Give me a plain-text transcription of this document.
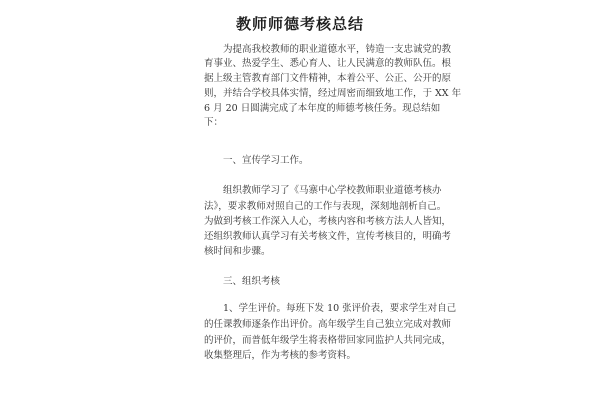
教师师德考核总结
　　为提高我校教师的职业道德水平，铸造一支忠诚党的教
育事业、热爱学生、悉心育人、让人民满意的教师队伍。根
据上级主管教育部门文件精神，本着公平、公正、公开的原
则，并结合学校具体实情，经过周密而细致地工作，于 XX 年
6 月 20 日圆满完成了本年度的师德考核任务。现总结如
下：
　　一、宣传学习工作。
　　组织教师学习了《马寨中心学校教师职业道德考核办
法》，要求教师对照自己的工作与表现，深刻地剖析自己。
为做到考核工作深入人心，考核内容和考核方法人人皆知，
还组织教师认真学习有关考核文件，宣传考核目的，明确考
核时间和步骤。
　　三、组织考核
　　1、学生评价。每班下发 10 张评价表，要求学生对自己
的任课教师逐条作出评价。高年级学生自己独立完成对教师
的评价，而普低年级学生将表格带回家同监护人共同完成，
收集整理后，作为考核的参考资料。
